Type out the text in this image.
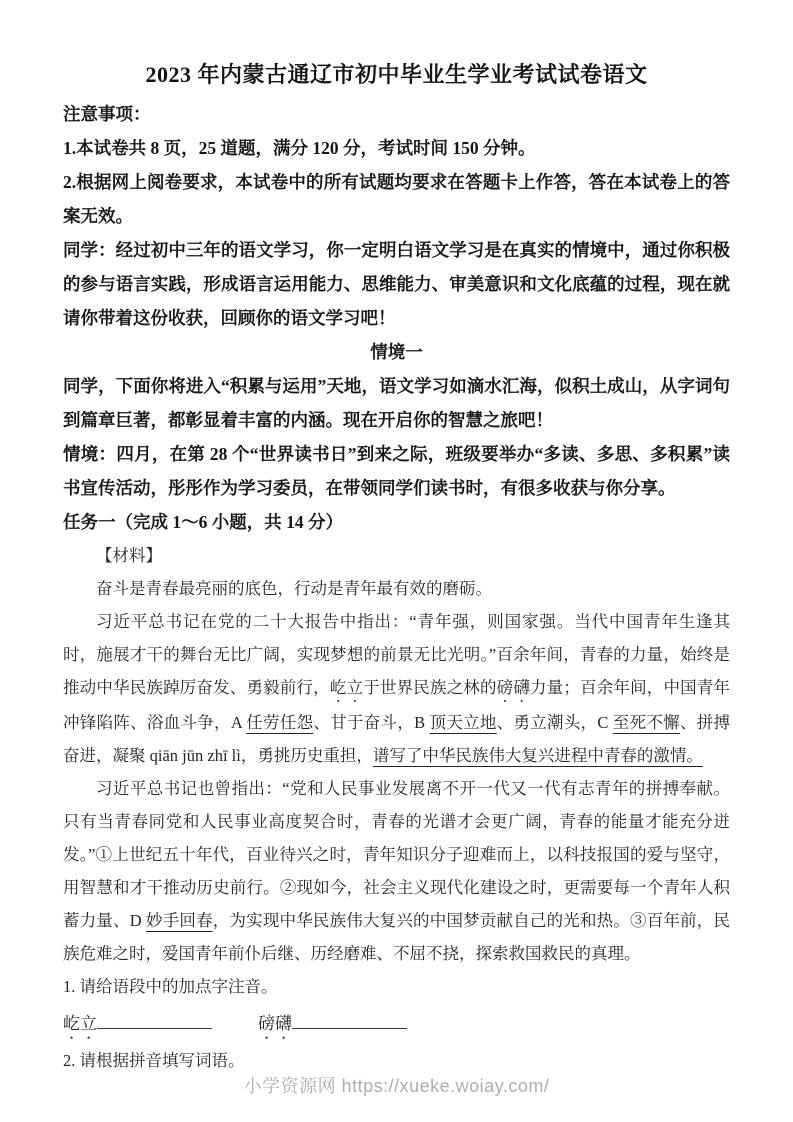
2023 年内蒙古通辽市初中毕业生学业考试试卷语文

注意事项：

1.本试卷共 8 页，25 道题，满分 120 分，考试时间 150 分钟。

2.根据网上阅卷要求，本试卷中的所有试题均要求在答题卡上作答，答在本试卷上的答案无效。

同学：经过初中三年的语文学习，你一定明白语文学习是在真实的情境中，通过你积极的参与语言实践，形成语言运用能力、思维能力、审美意识和文化底蕴的过程，现在就请你带着这份收获，回顾你的语文学习吧！

情境一

同学，下面你将进入“积累与运用”天地，语文学习如滴水汇海，似积土成山，从字词句到篇章巨著，都彰显着丰富的内涵。现在开启你的智慧之旅吧！

情境：四月，在第 28 个“世界读书日”到来之际，班级要举办“多读、多思、多积累”读书宣传活动，彤彤作为学习委员，在带领同学们读书时，有很多收获与你分享。

任务一（完成 1～6 小题，共 14 分）

【材料】

奋斗是青春最亮丽的底色，行动是青年最有效的磨砺。

习近平总书记在党的二十大报告中指出：“青年强，则国家强。当代中国青年生逢其时，施展才干的舞台无比广阔，实现梦想的前景无比光明。”百余年间，青春的力量，始终是推动中华民族踔厉奋发、勇毅前行，屹立于世界民族之林的磅礴力量；百余年间，中国青年冲锋陷阵、浴血斗争，A 任劳任怨、甘于奋斗，B 顶天立地、勇立潮头，C 至死不懈、拼搏奋进，凝聚 qiān jūn zhī lì，勇挑历史重担，谱写了中华民族伟大复兴进程中青春的激情。

习近平总书记也曾指出：“党和人民事业发展离不开一代又一代有志青年的拼搏奉献。只有当青春同党和人民事业高度契合时，青春的光谱才会更广阔，青春的能量才能充分迸发。”①上世纪五十年代，百业待兴之时，青年知识分子迎难而上，以科技报国的爱与坚守，用智慧和才干推动历史前行。②现如今，社会主义现代化建设之时，更需要每一个青年人积蓄力量、D 妙手回春，为实现中华民族伟大复兴的中国梦贡献自己的光和热。③百年前，民族危难之时，爱国青年前仆后继、历经磨难、不屈不挠，探索救国救民的真理。

1. 请给语段中的加点字注音。

屹立	磅礴

2. 请根据拼音填写词语。

小学资源网 https://xueke.woiay.com/
